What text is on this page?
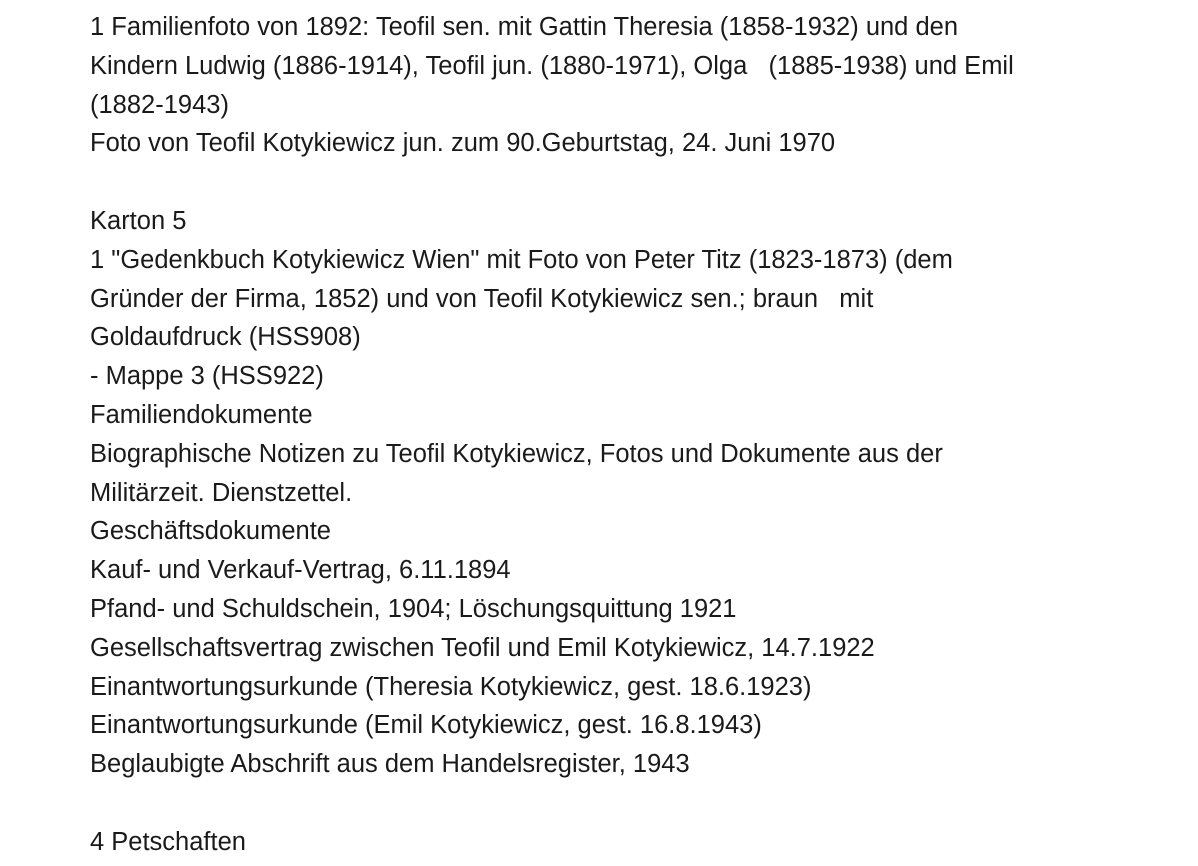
1 Familienfoto von 1892: Teofil sen. mit Gattin Theresia (1858-1932) und den
Kindern Ludwig (1886-1914), Teofil jun. (1880-1971), Olga   (1885-1938) und Emil
(1882-1943)
Foto von Teofil Kotykiewicz jun. zum 90.Geburtstag, 24. Juni 1970
Karton 5
1 "Gedenkbuch Kotykiewicz Wien" mit Foto von Peter Titz (1823-1873) (dem
Gründer der Firma, 1852) und von Teofil Kotykiewicz sen.; braun   mit
Goldaufdruck (HSS908)
- Mappe 3 (HSS922)
Familiendokumente
Biographische Notizen zu Teofil Kotykiewicz, Fotos und Dokumente aus der
Militärzeit. Dienstzettel.
Geschäftsdokumente
Kauf- und Verkauf-Vertrag, 6.11.1894
Pfand- und Schuldschein, 1904; Löschungsquittung 1921
Gesellschaftsvertrag zwischen Teofil und Emil Kotykiewicz, 14.7.1922
Einantwortungsurkunde (Theresia Kotykiewicz, gest. 18.6.1923)
Einantwortungsurkunde (Emil Kotykiewicz, gest. 16.8.1943)
Beglaubigte Abschrift aus dem Handelsregister, 1943
4 Petschaften
